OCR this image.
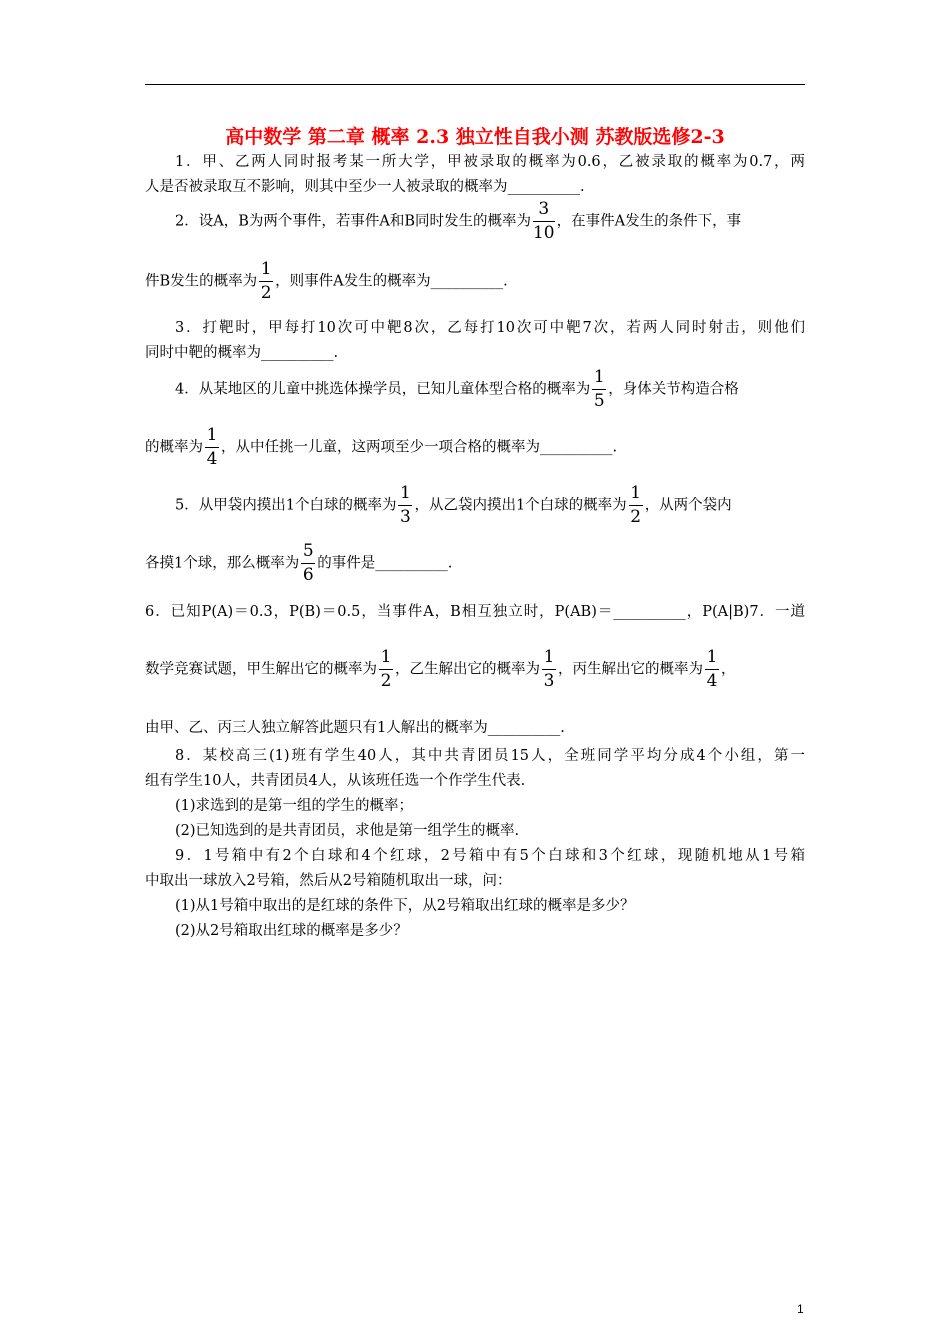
高中数学 第二章 概率 2.3 独立性自我小测 苏教版选修2-3
1．甲、乙两人同时报考某一所大学，甲被录取的概率为0.6，乙被录取的概率为0.7，两
人是否被录取互不影响，则其中至少一人被录取的概率为__________.
2．设A，B为两个事件，若事件A和B同时发生的概率为 $\frac{3}{10}$ ，在事件A发生的条件下，事
件B发生的概率为 $\frac{1}{2}$ ，则事件A发生的概率为__________.
3．打靶时，甲每打10次可中靶8次，乙每打10次可中靶7次，若两人同时射击，则他们
同时中靶的概率为__________.
4．从某地区的儿童中挑选体操学员，已知儿童体型合格的概率为 $\frac{1}{5}$ ，身体关节构造合格
的概率为 $\frac{1}{4}$ ，从中任挑一儿童，这两项至少一项合格的概率为__________.
5．从甲袋内摸出1个白球的概率为 $\frac{1}{3}$ ，从乙袋内摸出1个白球的概率为 $\frac{1}{2}$ ，从两个袋内
各摸1个球，那么概率为 $\frac{5}{6}$ 的事件是__________.
6．已知P(A)＝0.3，P(B)＝0.5，当事件A，B相互独立时，P(AB)＝__________，P(A|B)7．一道
数学竞赛试题，甲生解出它的概率为 $\frac{1}{2}$ ，乙生解出它的概率为 $\frac{1}{3}$ ，丙生解出它的概率为 $\frac{1}{4}$ ，
由甲、乙、丙三人独立解答此题只有1人解出的概率为__________.
8．某校高三(1)班有学生40人，其中共青团员15人，全班同学平均分成4个小组，第一
组有学生10人，共青团员4人，从该班任选一个作学生代表.
(1)求选到的是第一组的学生的概率；
(2)已知选到的是共青团员，求他是第一组学生的概率.
9．1号箱中有2个白球和4个红球，2号箱中有5个白球和3个红球，现随机地从1号箱
中取出一球放入2号箱，然后从2号箱随机取出一球，问：
(1)从1号箱中取出的是红球的条件下，从2号箱取出红球的概率是多少？
(2)从2号箱取出红球的概率是多少？
1
